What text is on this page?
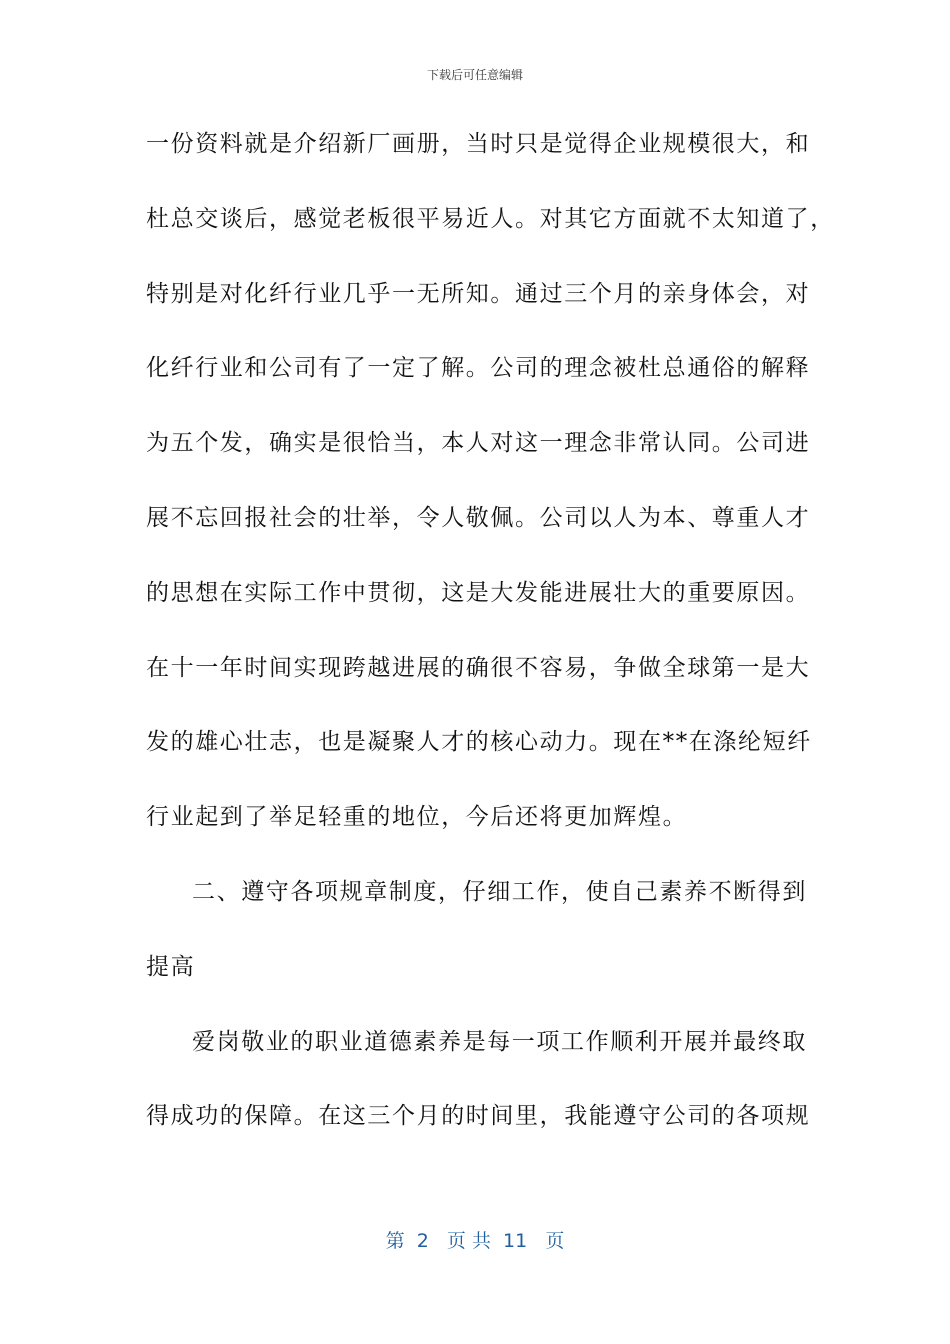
下载后可任意编辑
一份资料就是介绍新厂画册，当时只是觉得企业规模很大，和
杜总交谈后，感觉老板很平易近人。对其它方面就不太知道了，
特别是对化纤行业几乎一无所知。通过三个月的亲身体会，对
化纤行业和公司有了一定了解。公司的理念被杜总通俗的解释
为五个发，确实是很恰当，本人对这一理念非常认同。公司进
展不忘回报社会的壮举，令人敬佩。公司以人为本、尊重人才
的思想在实际工作中贯彻，这是大发能进展壮大的重要原因。
在十一年时间实现跨越进展的确很不容易，争做全球第一是大
发的雄心壮志，也是凝聚人才的核心动力。现在**在涤纶短纤
行业起到了举足轻重的地位，今后还将更加辉煌。
二、遵守各项规章制度，仔细工作，使自己素养不断得到
提高
爱岗敬业的职业道德素养是每一项工作顺利开展并最终取
得成功的保障。在这三个月的时间里，我能遵守公司的各项规
第  2   页 共  11   页
